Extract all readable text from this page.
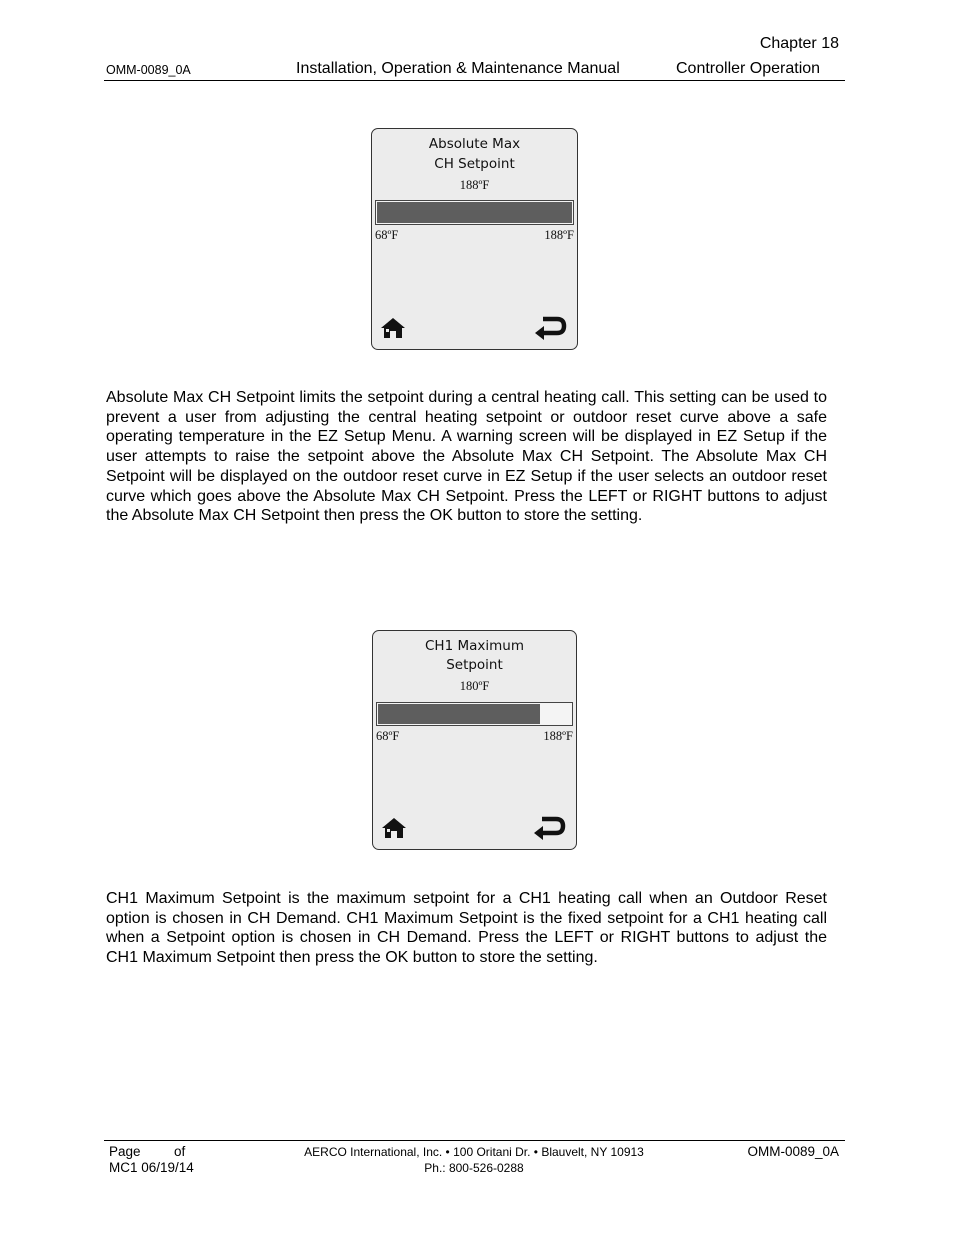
Chapter 18
OMM-0089_0A	Installation, Operation & Maintenance Manual	Controller Operation
Absolute Max
CH Setpoint
188ºF
68ºF	188ºF
Absolute Max CH Setpoint limits the setpoint during a central heating call. This setting can be used to prevent a user from adjusting the central heating setpoint or outdoor reset curve above a safe operating temperature in the EZ Setup Menu. A warning screen will be displayed in EZ Setup if the user attempts to raise the setpoint above the Absolute Max CH Setpoint. The Absolute Max CH Setpoint will be displayed on the outdoor reset curve in EZ Setup if the user selects an outdoor reset curve which goes above the Absolute Max CH Setpoint. Press the LEFT or RIGHT buttons to adjust the Absolute Max CH Setpoint then press the OK button to store the setting.
CH1 Maximum
Setpoint
180ºF
68ºF	188ºF
CH1 Maximum Setpoint is the maximum setpoint for a CH1 heating call when an Outdoor Reset option is chosen in CH Demand. CH1 Maximum Setpoint is the fixed setpoint for a CH1 heating call when a Setpoint option is chosen in CH Demand. Press the LEFT or RIGHT buttons to adjust the CH1 Maximum Setpoint then press the OK button to store the setting.
Page of
MC1 06/19/14
AERCO International, Inc. • 100 Oritani Dr. • Blauvelt, NY 10913
Ph.: 800-526-0288
OMM-0089_0A
